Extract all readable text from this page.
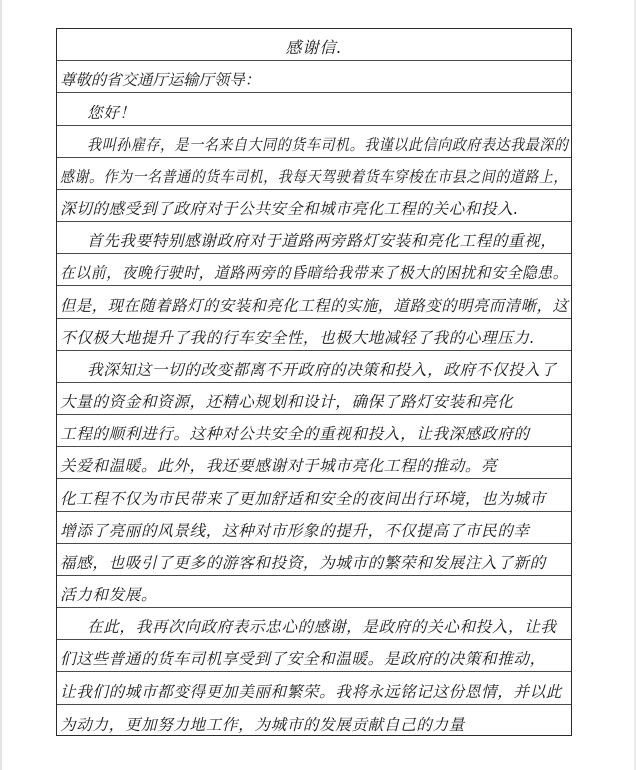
感谢信.
尊敬的省交通厅运输厅领导：
您好！
我叫孙雇存，是一名来自大同的货车司机。我谨以此信向政府表达我最深的
感谢。作为一名普通的货车司机，我每天驾驶着货车穿梭在市县之间的道路上，
深切的感受到了政府对于公共安全和城市亮化工程的关心和投入.
首先我要特别感谢政府对于道路两旁路灯安装和亮化工程的重视，
在以前，夜晚行驶时，道路两旁的昏暗给我带来了极大的困扰和安全隐患。
但是，现在随着路灯的安装和亮化工程的实施，道路变的明亮而清晰，这
不仅极大地提升了我的行车安全性，也极大地减轻了我的心理压力.
我深知这一切的改变都离不开政府的决策和投入，政府不仅投入了
大量的资金和资源，还精心规划和设计，确保了路灯安装和亮化
工程的顺利进行。这种对公共安全的重视和投入，让我深感政府的
关爱和温暖。此外，我还要感谢对于城市亮化工程的推动。亮
化工程不仅为市民带来了更加舒适和安全的夜间出行环境，也为城市
增添了亮丽的风景线，这种对市形象的提升，不仅提高了市民的幸
福感，也吸引了更多的游客和投资，为城市的繁荣和发展注入了新的
活力和发展。
在此，我再次向政府表示忠心的感谢，是政府的关心和投入，让我
们这些普通的货车司机享受到了安全和温暖。是政府的决策和推动，
让我们的城市都变得更加美丽和繁荣。我将永远铭记这份恩情，并以此
为动力，更加努力地工作，为城市的发展贡献自己的力量
